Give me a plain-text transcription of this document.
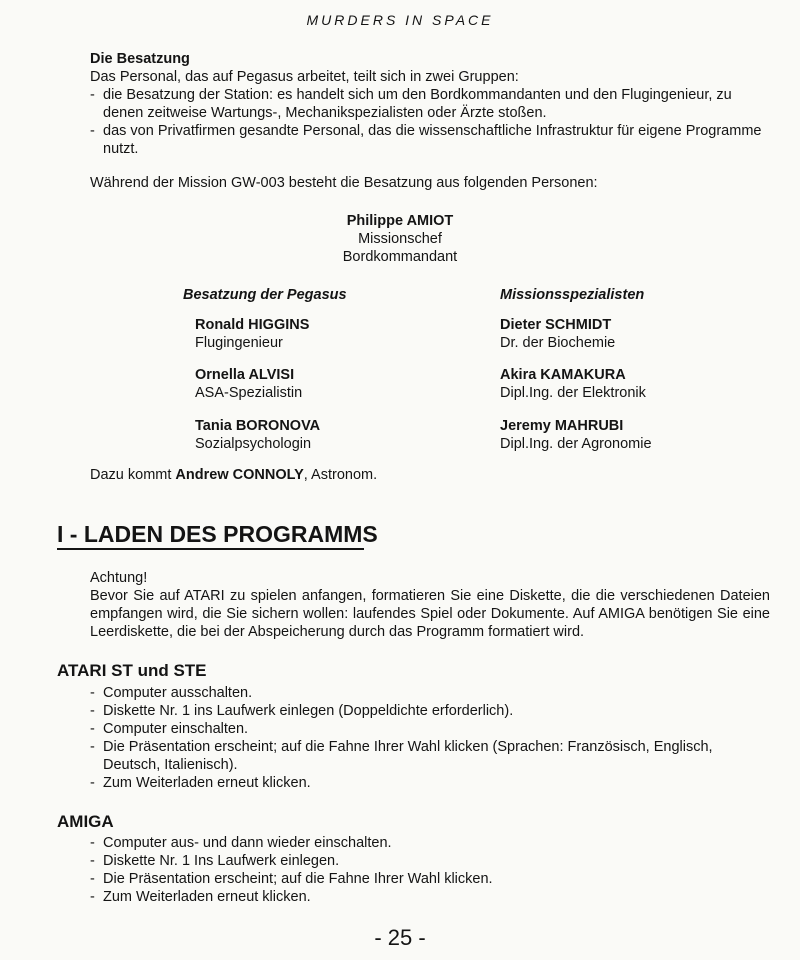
MURDERS IN SPACE
Die Besatzung
Das Personal, das auf Pegasus arbeitet, teilt sich in zwei Gruppen:
- die Besatzung der Station: es handelt sich um den Bordkommandanten und den Flugingenieur, zu denen zeitweise Wartungs-, Mechanikspezialisten oder Ärzte stoßen.
- das von Privatfirmen gesandte Personal, das die wissenschaftliche Infrastruktur für eigene Programme nutzt.
Während der Mission GW-003 besteht die Besatzung aus folgenden Personen:
Philippe AMIOT
Missionschef
Bordkommandant
Besatzung der Pegasus	Missionsspezialisten
Ronald HIGGINS
Flugingenieur
Ornella ALVISI
ASA-Spezialistin
Tania BORONOVA
Sozialpsychologin
Dieter SCHMIDT
Dr. der Biochemie
Akira KAMAKURA
Dipl.Ing. der Elektronik
Jeremy MAHRUBI
Dipl.Ing. der Agronomie
Dazu kommt Andrew CONNOLY, Astronom.
I - LADEN DES PROGRAMMS
Achtung!
Bevor Sie auf ATARI zu spielen anfangen, formatieren Sie eine Diskette, die die verschiedenen Dateien empfangen wird, die Sie sichern wollen: laufendes Spiel oder Dokumente. Auf AMIGA benötigen Sie eine Leerdiskette, die bei der Abspeicherung durch das Programm formatiert wird.
ATARI ST und STE
- Computer ausschalten.
- Diskette Nr. 1 ins Laufwerk einlegen (Doppeldichte erforderlich).
- Computer einschalten.
- Die Präsentation erscheint; auf die Fahne Ihrer Wahl klicken (Sprachen: Französisch, Englisch, Deutsch, Italienisch).
- Zum Weiterladen erneut klicken.
AMIGA
- Computer aus- und dann wieder einschalten.
- Diskette Nr. 1 Ins Laufwerk einlegen.
- Die Präsentation erscheint; auf die Fahne Ihrer Wahl klicken.
- Zum Weiterladen erneut klicken.
- 25 -
